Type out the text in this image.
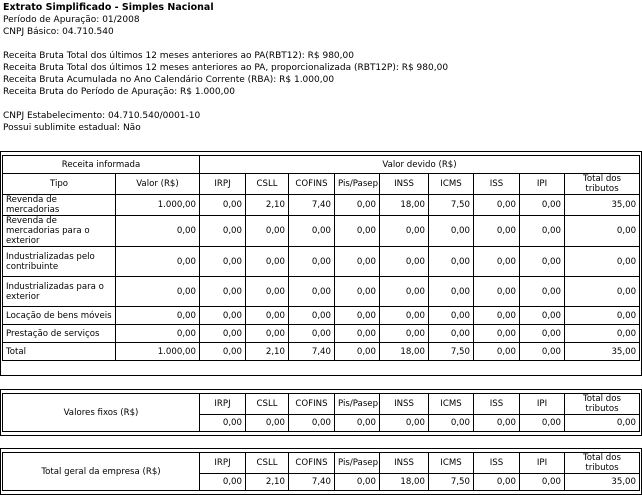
Extrato Simplificado - Simples Nacional
Período de Apuração: 01/2008
CNPJ Básico: 04.710.540
Receita Bruta Total dos últimos 12 meses anteriores ao PA(RBT12): R$ 980,00
Receita Bruta Total dos últimos 12 meses anteriores ao PA, proporcionalizada (RBT12P): R$ 980,00
Receita Bruta Acumulada no Ano Calendário Corrente (RBA): R$ 1.000,00
Receita Bruta do Período de Apuração: R$ 1.000,00
CNPJ Estabelecimento: 04.710.540/0001-10
Possui sublimite estadual: Não
Receita informada		Valor devido (R$)								
Tipo	Valor (R$)	IRPJ	CSLL	COFINS	Pis/Pasep	INSS	ICMS	ISS	IPI	Total dos tributos
Revenda de mercadorias	1.000,00	0,00	2,10	7,40	0,00	18,00	7,50	0,00	0,00	35,00
Revenda de mercadorias para o exterior	0,00	0,00	0,00	0,00	0,00	0,00	0,00	0,00	0,00	0,00
Industrializadas pelo contribuinte	0,00	0,00	0,00	0,00	0,00	0,00	0,00	0,00	0,00	0,00
Industrializadas para o exterior	0,00	0,00	0,00	0,00	0,00	0,00	0,00	0,00	0,00	0,00
Locação de bens móveis	0,00	0,00	0,00	0,00	0,00	0,00	0,00	0,00	0,00	0,00
Prestação de serviços	0,00	0,00	0,00	0,00	0,00	0,00	0,00	0,00	0,00	0,00
Total	1.000,00	0,00	2,10	7,40	0,00	18,00	7,50	0,00	0,00	35,00
Valores fixos (R$)	IRPJ	CSLL	COFINS	Pis/Pasep	INSS	ICMS	ISS	IPI	Total dos tributos
	0,00	0,00	0,00	0,00	0,00	0,00	0,00	0,00	0,00
Total geral da empresa (R$)	IRPJ	CSLL	COFINS	Pis/Pasep	INSS	ICMS	ISS	IPI	Total dos tributos
	0,00	2,10	7,40	0,00	18,00	7,50	0,00	0,00	35,00
